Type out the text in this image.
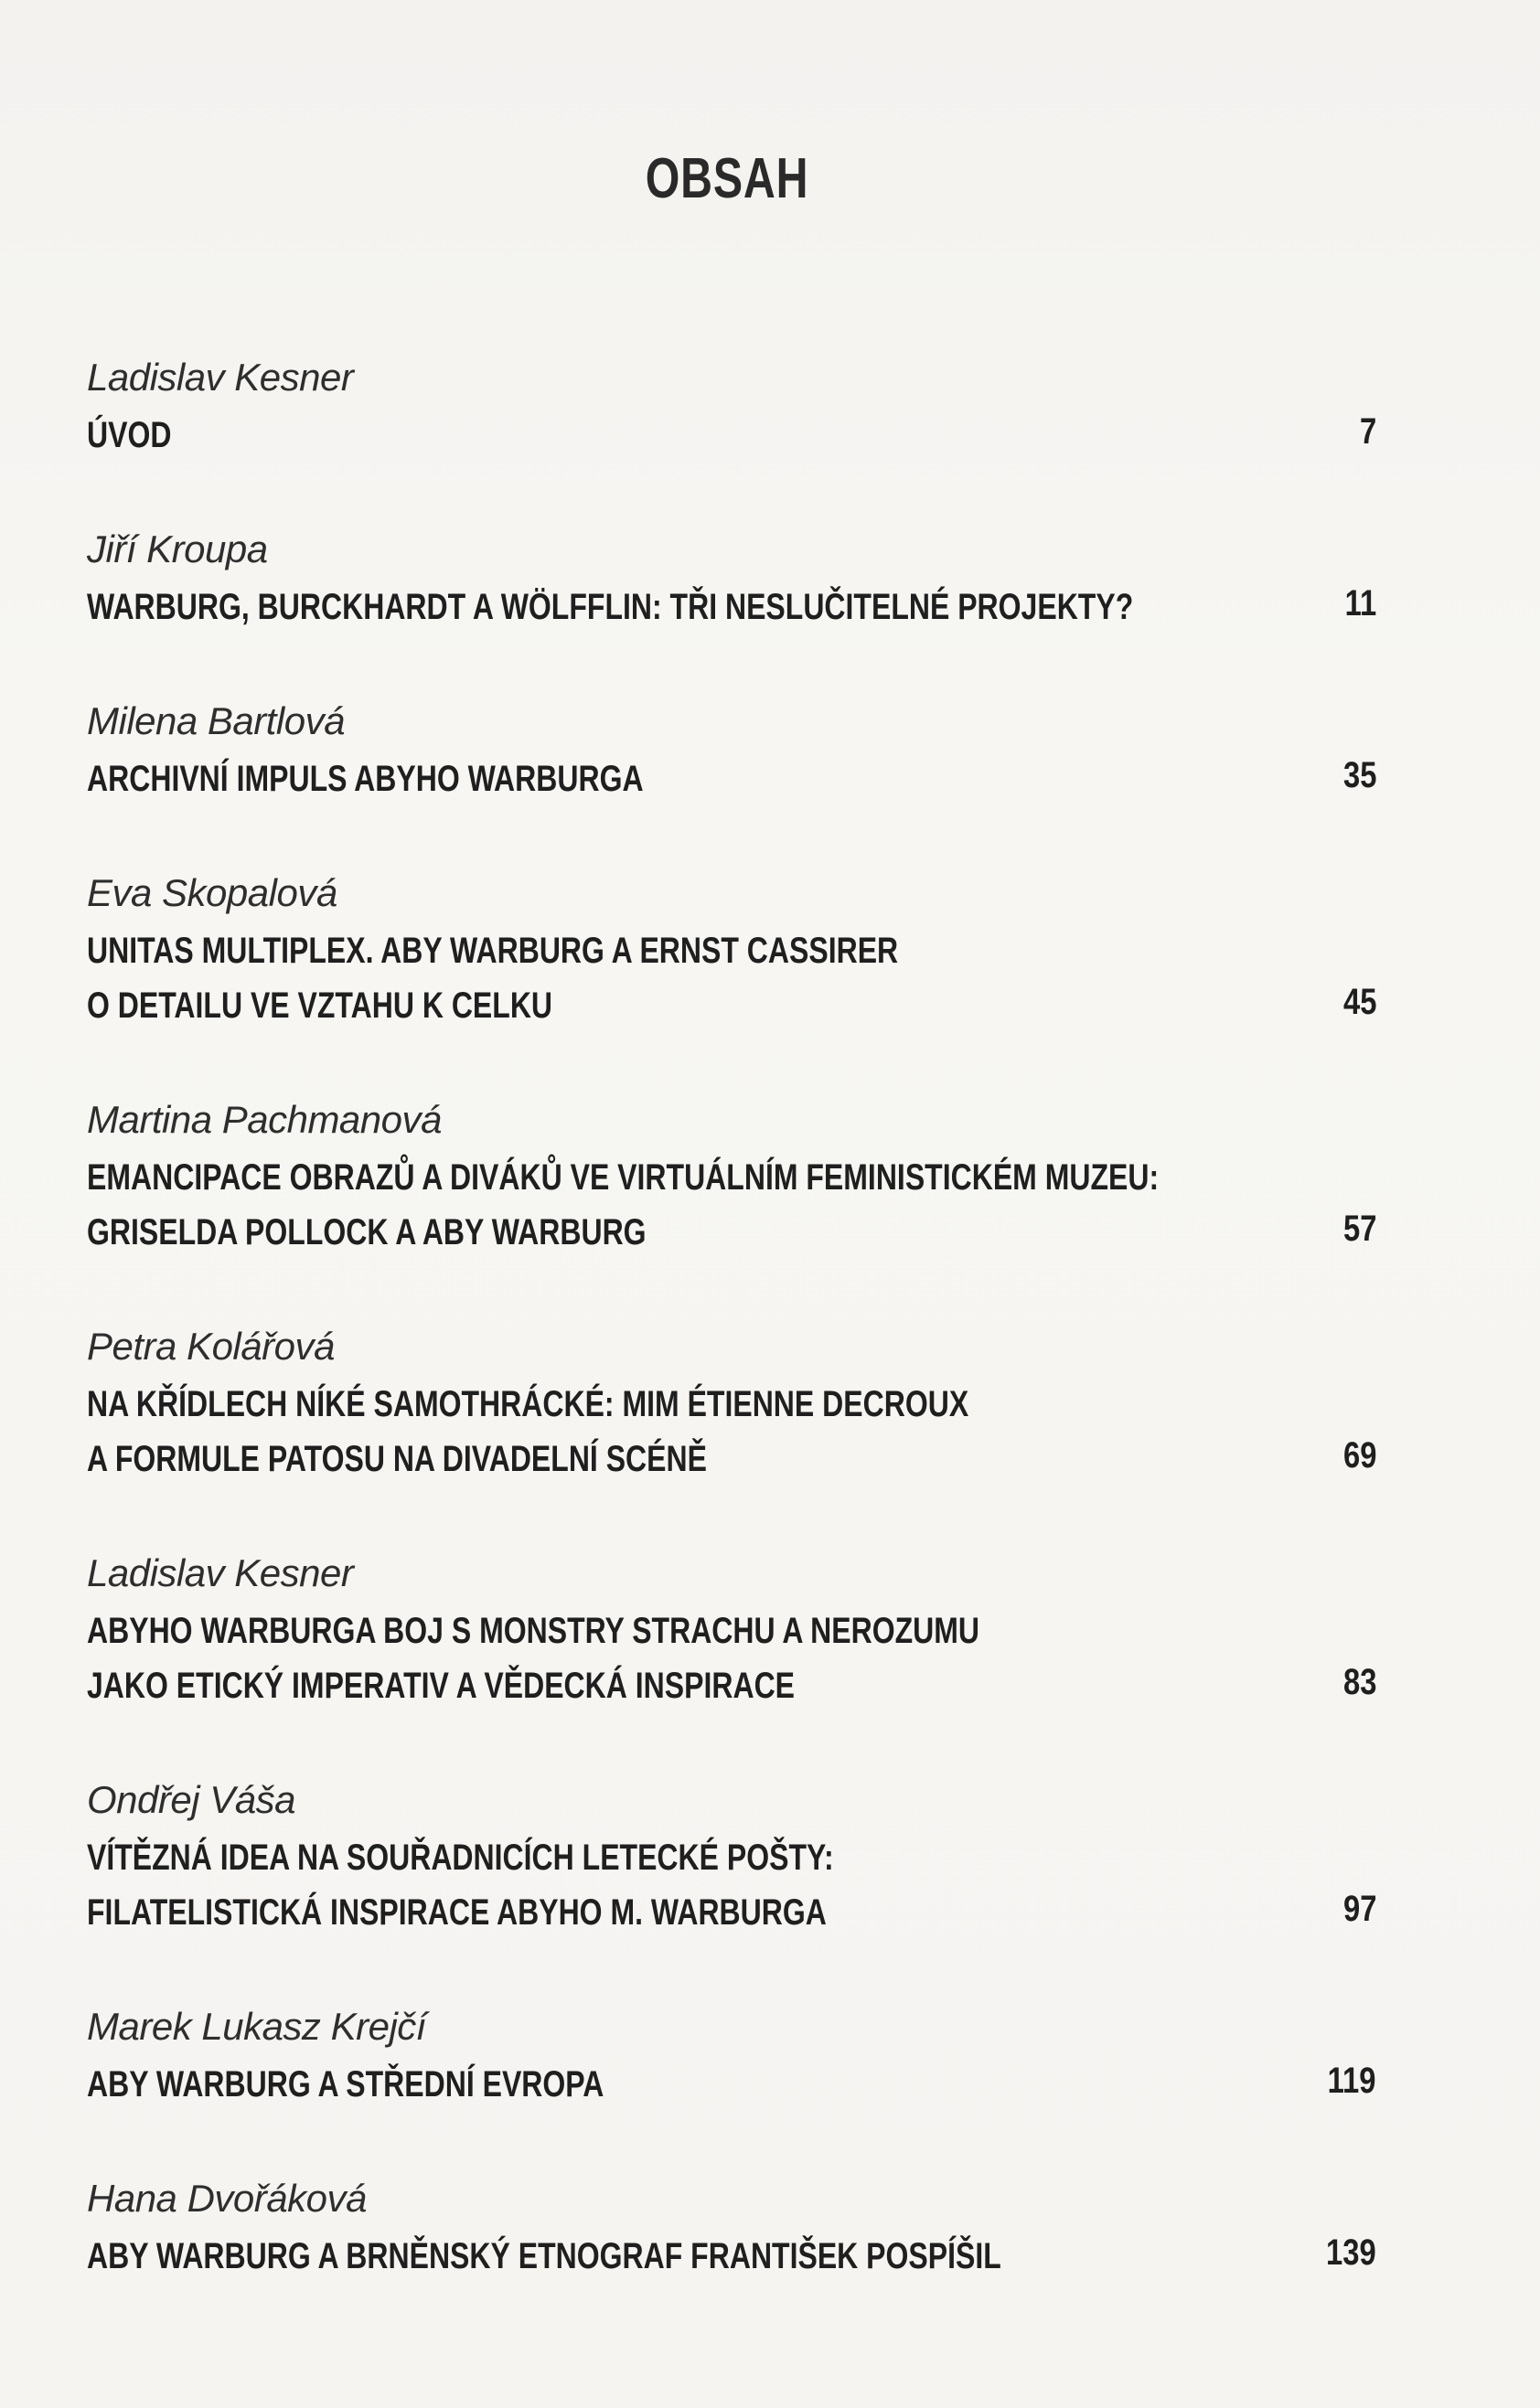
OBSAH
Ladislav Kesner
ÚVOD	7
Jiří Kroupa
WARBURG, BURCKHARDT A WÖLFFLIN: TŘI NESLUČITELNÉ PROJEKTY?	11
Milena Bartlová
ARCHIVNÍ IMPULS ABYHO WARBURGA	35
Eva Skopalová
UNITAS MULTIPLEX. ABY WARBURG A ERNST CASSIRER
O DETAILU VE VZTAHU K CELKU	45
Martina Pachmanová
EMANCIPACE OBRAZŮ A DIVÁKŮ VE VIRTUÁLNÍM FEMINISTICKÉM MUZEU:
GRISELDA POLLOCK A ABY WARBURG	57
Petra Kolářová
NA KŘÍDLECH NÍKÉ SAMOTHRÁCKÉ: MIM ÉTIENNE DECROUX
A FORMULE PATOSU NA DIVADELNÍ SCÉNĚ	69
Ladislav Kesner
ABYHO WARBURGA BOJ S MONSTRY STRACHU A NEROZUMU
JAKO ETICKÝ IMPERATIV A VĚDECKÁ INSPIRACE	83
Ondřej Váša
VÍTĚZNÁ IDEA NA SOUŘADNICÍCH LETECKÉ POŠTY:
FILATELISTICKÁ INSPIRACE ABYHO M. WARBURGA	97
Marek Lukasz Krejčí
ABY WARBURG A STŘEDNÍ EVROPA	119
Hana Dvořáková
ABY WARBURG A BRNĚNSKÝ ETNOGRAF FRANTIŠEK POSPÍŠIL	139
